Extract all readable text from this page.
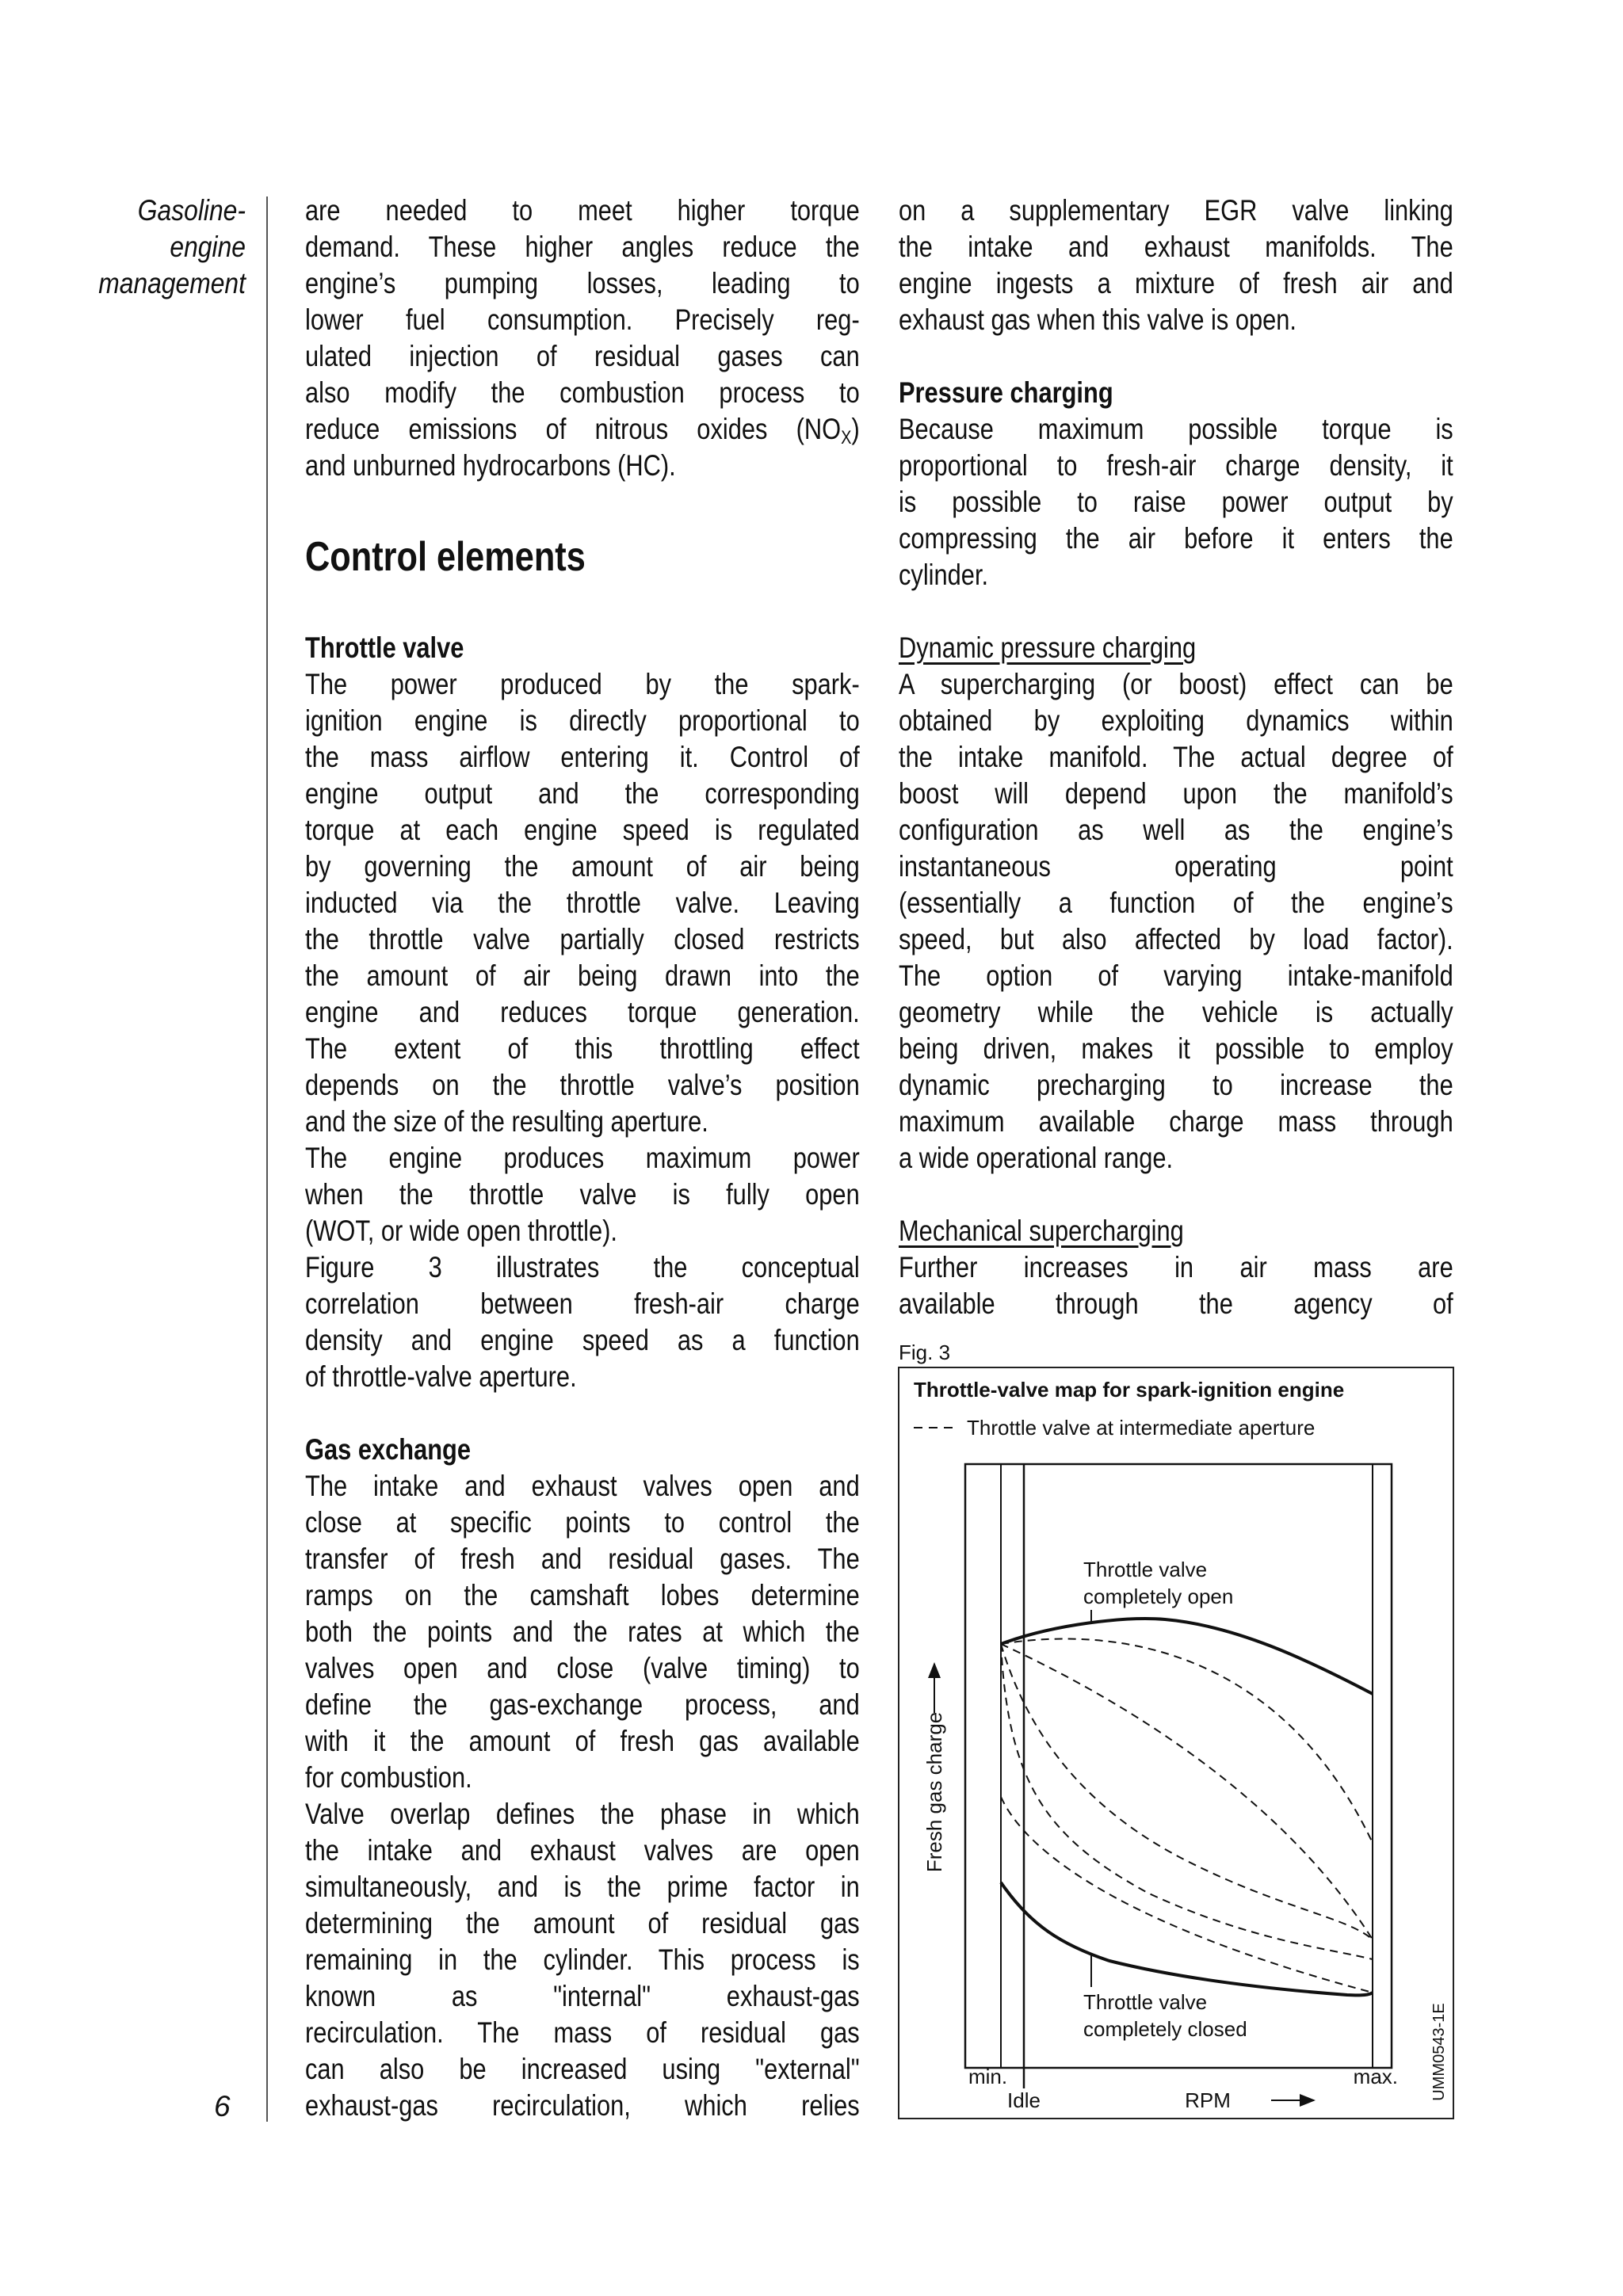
Gasoline-
engine
management
6
are needed to meet higher torque
demand. These higher angles reduce the
engine’s pumping losses, leading to
lower fuel consumption. Precisely reg-
ulated injection of residual gases can
also modify the combustion process to
reduce emissions of nitrous oxides $(NO_X)$
and unburned hydrocarbons (HC).
Control elements
Throttle valve
The power produced by the spark-
ignition engine is directly proportional to
the mass airflow entering it. Control of
engine output and the corresponding
torque at each engine speed is regulated
by governing the amount of air being
inducted via the throttle valve. Leaving
the throttle valve partially closed restricts
the amount of air being drawn into the
engine and reduces torque generation.
The extent of this throttling effect
depends on the throttle valve’s position
and the size of the resulting aperture.
The engine produces maximum power
when the throttle valve is fully open
(WOT, or wide open throttle).
Figure 3 illustrates the conceptual
correlation between fresh-air charge
density and engine speed as a function
of throttle-valve aperture.
Gas exchange
The intake and exhaust valves open and
close at specific points to control the
transfer of fresh and residual gases. The
ramps on the camshaft lobes determine
both the points and the rates at which the
valves open and close (valve timing) to
define the gas-exchange process, and
with it the amount of fresh gas available
for combustion.
Valve overlap defines the phase in which
the intake and exhaust valves are open
simultaneously, and is the prime factor in
determining the amount of residual gas
remaining in the cylinder. This process is
known as "internal" exhaust-gas
recirculation. The mass of residual gas
can also be increased using "external"
exhaust-gas recirculation, which relies
on a supplementary EGR valve linking
the intake and exhaust manifolds. The
engine ingests a mixture of fresh air and
exhaust gas when this valve is open.
Pressure charging
Because maximum possible torque is
proportional to fresh-air charge density, it
is possible to raise power output by
compressing the air before it enters the
cylinder.
Dynamic pressure charging
A supercharging (or boost) effect can be
obtained by exploiting dynamics within
the intake manifold. The actual degree of
boost will depend upon the manifold’s
configuration as well as the engine’s
instantaneous operating point
(essentially a function of the engine’s
speed, but also affected by load factor).
The option of varying intake-manifold
geometry while the vehicle is actually
being driven, makes it possible to employ
dynamic precharging to increase the
maximum available charge mass through
a wide operational range.
Mechanical supercharging
Further increases in air mass are
available through the agency of
Fig. 3
Throttle-valve map for spark-ignition engine
Throttle valve at intermediate aperture
Throttle valve
completely open
Throttle valve
completely closed
min.	max.
Idle	RPM
Fresh gas charge
UMM0543-1E
